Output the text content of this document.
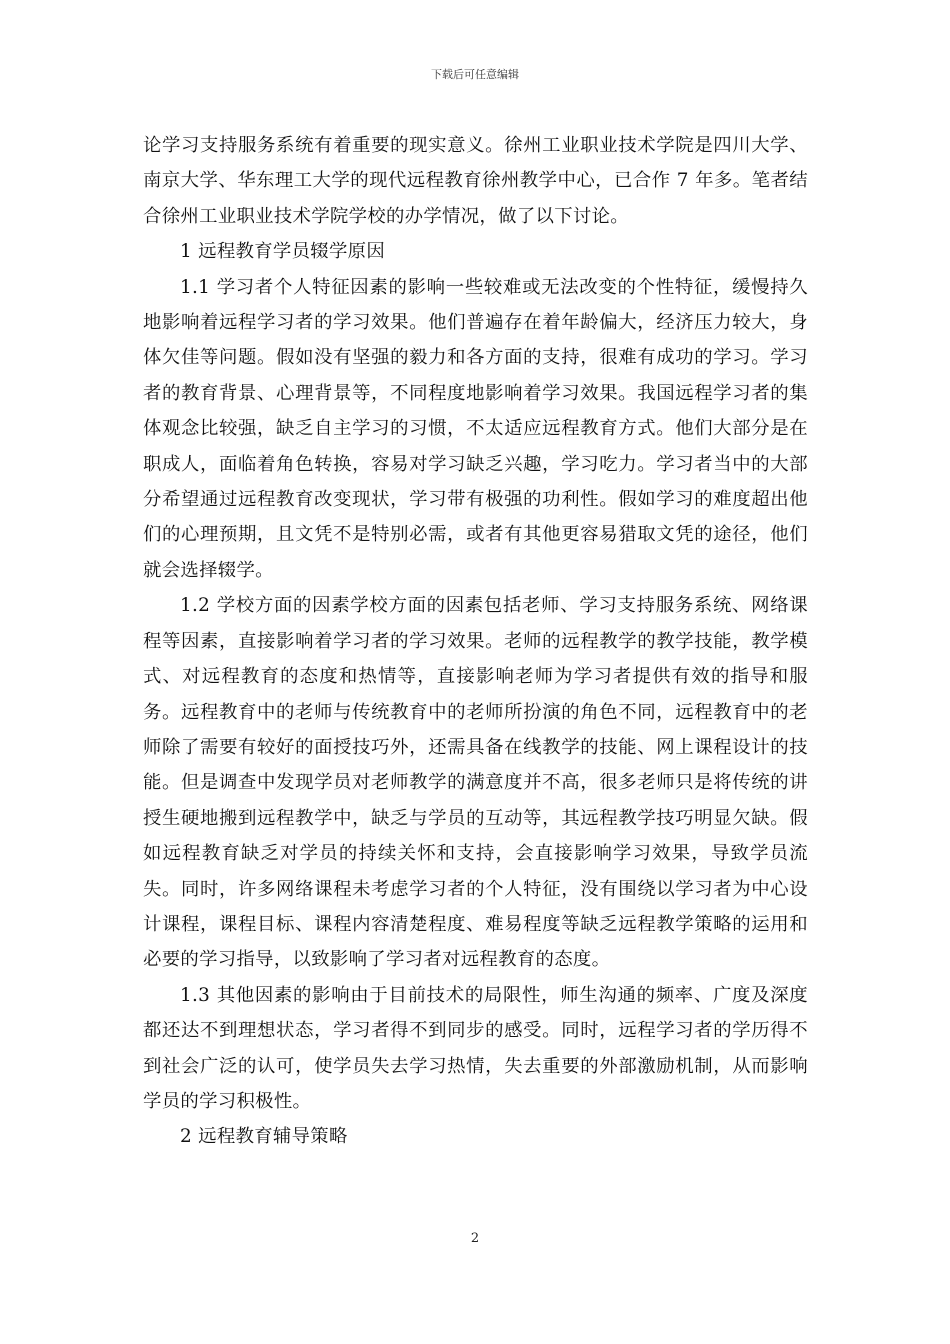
下载后可任意编辑

论学习支持服务系统有着重要的现实意义。徐州工业职业技术学院是四川大学、南京大学、华东理工大学的现代远程教育徐州教学中心，已合作 7 年多。笔者结合徐州工业职业技术学院学校的办学情况，做了以下讨论。

1 远程教育学员辍学原因

1.1 学习者个人特征因素的影响一些较难或无法改变的个性特征，缓慢持久地影响着远程学习者的学习效果。他们普遍存在着年龄偏大，经济压力较大，身体欠佳等问题。假如没有坚强的毅力和各方面的支持，很难有成功的学习。学习者的教育背景、心理背景等，不同程度地影响着学习效果。我国远程学习者的集体观念比较强，缺乏自主学习的习惯，不太适应远程教育方式。他们大部分是在职成人，面临着角色转换，容易对学习缺乏兴趣，学习吃力。学习者当中的大部分希望通过远程教育改变现状，学习带有极强的功利性。假如学习的难度超出他们的心理预期，且文凭不是特别必需，或者有其他更容易猎取文凭的途径，他们就会选择辍学。

1.2 学校方面的因素学校方面的因素包括老师、学习支持服务系统、网络课程等因素，直接影响着学习者的学习效果。老师的远程教学的教学技能，教学模式、对远程教育的态度和热情等，直接影响老师为学习者提供有效的指导和服务。远程教育中的老师与传统教育中的老师所扮演的角色不同，远程教育中的老师除了需要有较好的面授技巧外，还需具备在线教学的技能、网上课程设计的技能。但是调查中发现学员对老师教学的满意度并不高，很多老师只是将传统的讲授生硬地搬到远程教学中，缺乏与学员的互动等，其远程教学技巧明显欠缺。假如远程教育缺乏对学员的持续关怀和支持，会直接影响学习效果，导致学员流失。同时，许多网络课程未考虑学习者的个人特征，没有围绕以学习者为中心设计课程，课程目标、课程内容清楚程度、难易程度等缺乏远程教学策略的运用和必要的学习指导，以致影响了学习者对远程教育的态度。

1.3 其他因素的影响由于目前技术的局限性，师生沟通的频率、广度及深度都还达不到理想状态，学习者得不到同步的感受。同时，远程学习者的学历得不到社会广泛的认可，使学员失去学习热情，失去重要的外部激励机制，从而影响学员的学习积极性。

2 远程教育辅导策略

2
